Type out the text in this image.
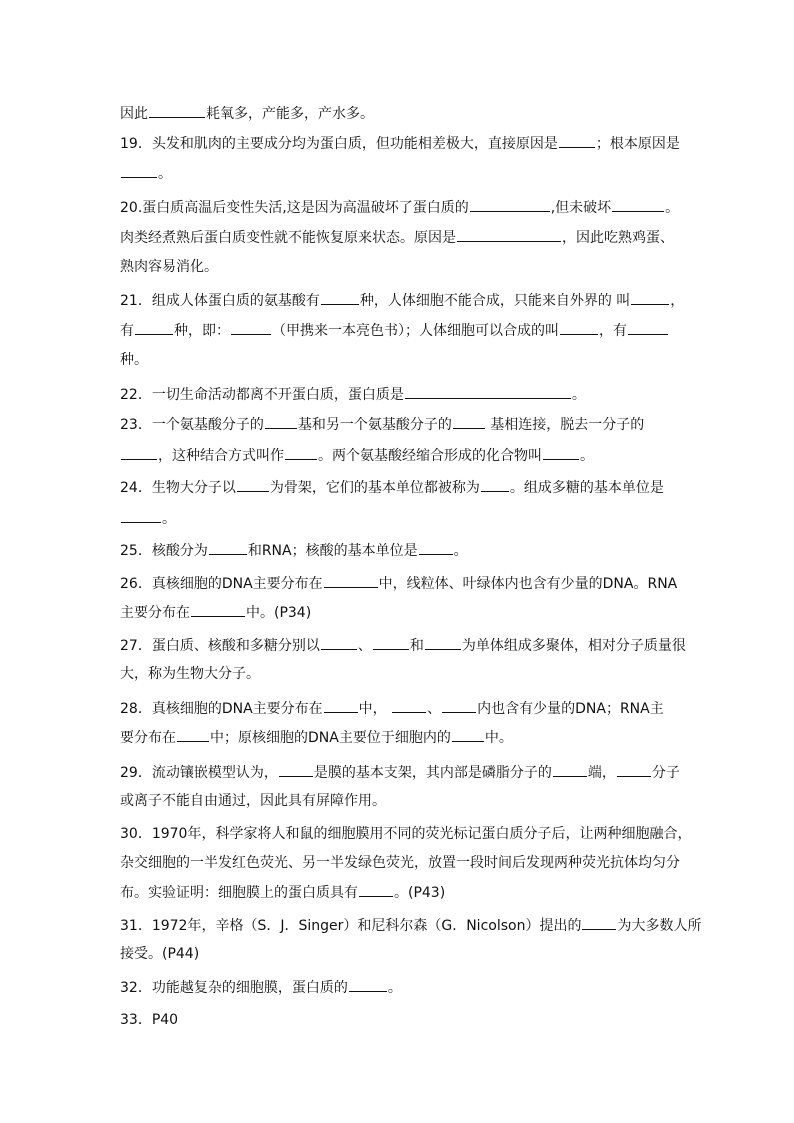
因此	耗氧多，产能多，产水多。
19．头发和肌肉的主要成分均为蛋白质，但功能相差极大，直接原因是	；根本原因是
。
20.蛋白质高温后变性失活,这是因为高温破坏了蛋白质的	,但未破坏	。
肉类经煮熟后蛋白质变性就不能恢复原来状态。原因是	，因此吃熟鸡蛋、
熟肉容易消化。
21．组成人体蛋白质的氨基酸有	种，人体细胞不能合成，只能来自外界的 叫	，
有	种，即：	（甲携来一本亮色书）；人体细胞可以合成的叫	，有
种。
22．一切生命活动都离不开蛋白质，蛋白质是	。
23．一个氨基酸分子的 基和另一个氨基酸分子的 基相连接，脱去一分子的
，这种结合方式叫作 。两个氨基酸经缩合形成的化合物叫	。
24．生物大分子以 为骨架，它们的基本单位都被称为 。组成多糖的基本单位是
。
25．核酸分为	和RNA；核酸的基本单位是	。
26．真核细胞的DNA主要分布在	中，线粒体、叶绿体内也含有少量的DNA。RNA
主要分布在	中。(P34)
27．蛋白质、核酸和多糖分别以	、	和	为单体组成多聚体，相对分子质量很
大，称为生物大分子。
28．真核细胞的DNA主要分布在	中，	、	内也含有少量的DNA；RNA主
要分布在 中；原核细胞的DNA主要位于细胞内的 中。
29．流动镶嵌模型认为，	是膜的基本支架，其内部是磷脂分子的	端，	分子
或离子不能自由通过，因此具有屏障作用。
30．1970年，科学家将人和鼠的细胞膜用不同的荧光标记蛋白质分子后，让两种细胞融合，
杂交细胞的一半发红色荧光、另一半发绿色荧光，放置一段时间后发现两种荧光抗体均匀分
布。实验证明：细胞膜上的蛋白质具有	。(P43)
31．1972年，辛格（S．J．Singer）和尼科尔森（G．Nicolson）提出的	为大多数人所
接受。(P44)
32．功能越复杂的细胞膜，蛋白质的	。
33．P40
